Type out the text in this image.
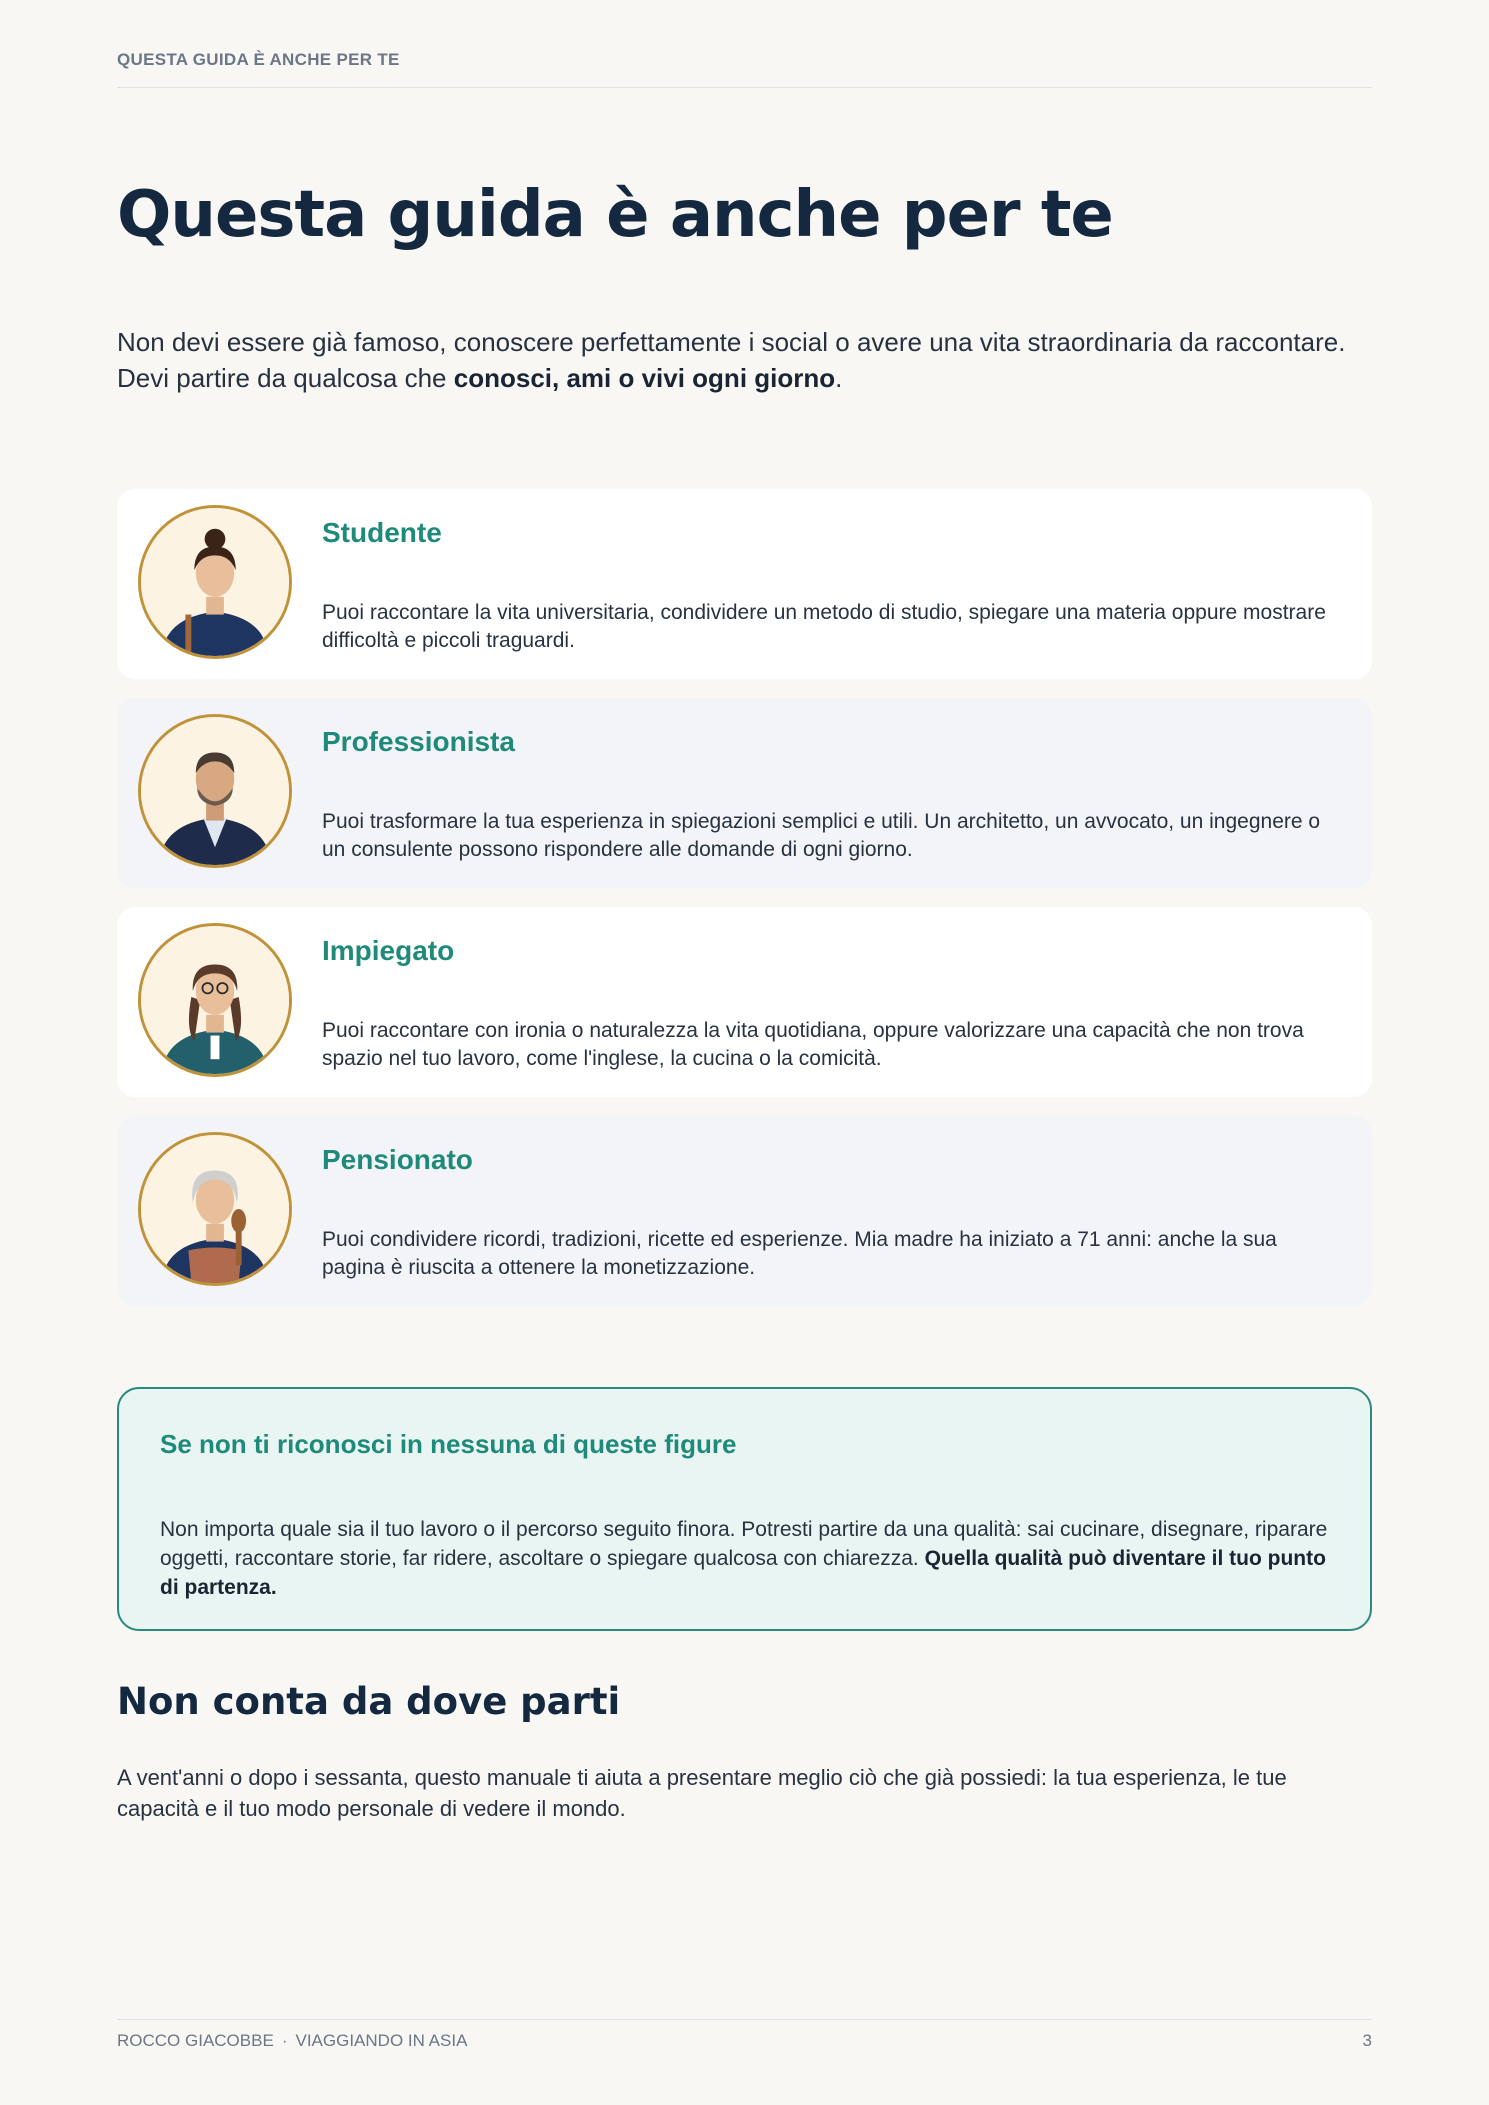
QUESTA GUIDA È ANCHE PER TE
Questa guida è anche per te

Non devi essere già famoso, conoscere perfettamente i social o avere una vita straordinaria da raccontare. Devi partire da qualcosa che conosci, ami o vivi ogni giorno.

Studente

Puoi raccontare la vita universitaria, condividere un metodo di studio, spiegare una materia oppure mostrare difficoltà e piccoli traguardi.

Professionista

Puoi trasformare la tua esperienza in spiegazioni semplici e utili. Un architetto, un avvocato, un ingegnere o un consulente possono rispondere alle domande di ogni giorno.

Impiegato

Puoi raccontare con ironia o naturalezza la vita quotidiana, oppure valorizzare una capacità che non trova spazio nel tuo lavoro, come l'inglese, la cucina o la comicità.

Pensionato

Puoi condividere ricordi, tradizioni, ricette ed esperienze. Mia madre ha iniziato a 71 anni: anche la sua pagina è riuscita a ottenere la monetizzazione.

Se non ti riconosci in nessuna di queste figure

Non importa quale sia il tuo lavoro o il percorso seguito finora. Potresti partire da una qualità: sai cucinare, disegnare, riparare oggetti, raccontare storie, far ridere, ascoltare o spiegare qualcosa con chiarezza. Quella qualità può diventare il tuo punto di partenza.

Non conta da dove parti

A vent'anni o dopo i sessanta, questo manuale ti aiuta a presentare meglio ciò che già possiedi: la tua esperienza, le tue capacità e il tuo modo personale di vedere il mondo.

ROCCO GIACOBBE · VIAGGIANDO IN ASIA	3
